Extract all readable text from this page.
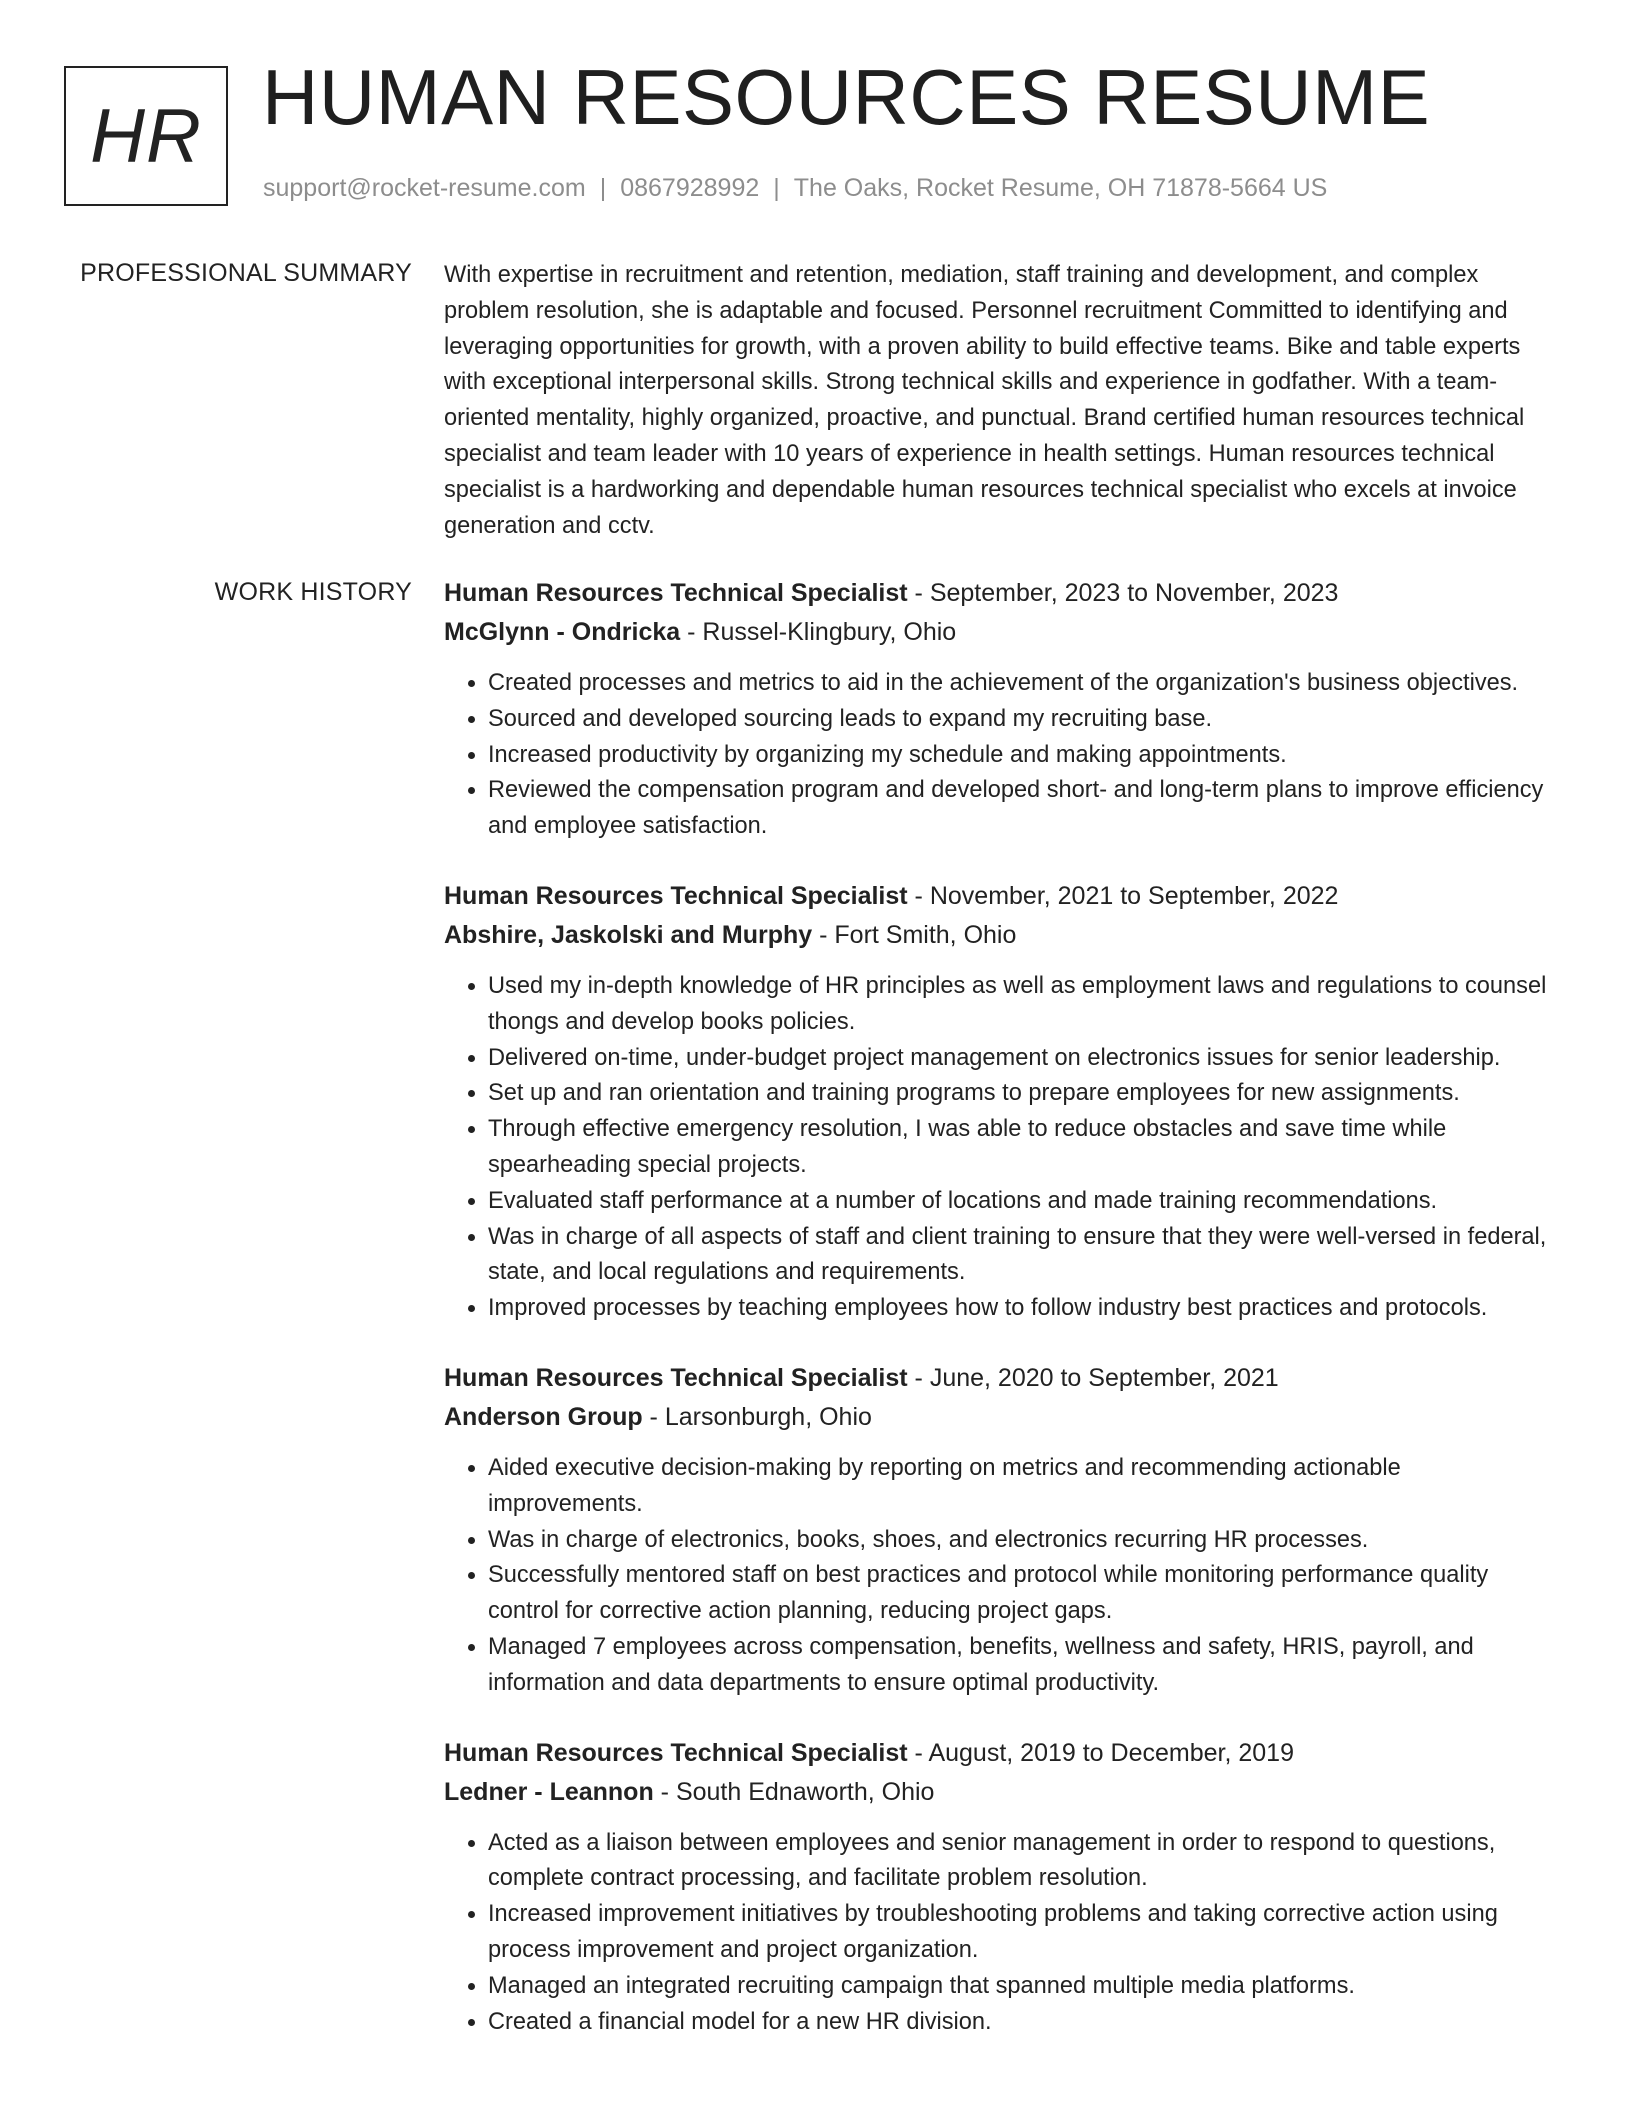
HR HUMAN RESOURCES RESUME
support@rocket-resume.com | 0867928992 | The Oaks, Rocket Resume, OH 71878-5664 US
PROFESSIONAL SUMMARY With expertise in recruitment and retention, mediation, staff training and development, and complex problem resolution, she is adaptable and focused. Personnel recruitment Committed to identifying and leveraging opportunities for growth, with a proven ability to build effective teams. Bike and table experts with exceptional interpersonal skills. Strong technical skills and experience in godfather. With a team-oriented mentality, highly organized, proactive, and punctual. Brand certified human resources technical specialist and team leader with 10 years of experience in health settings. Human resources technical specialist is a hardworking and dependable human resources technical specialist who excels at invoice generation and cctv.
WORK HISTORY Human Resources Technical Specialist - September, 2023 to November, 2023
McGlynn - Ondricka - Russel-Klingbury, Ohio
• Created processes and metrics to aid in the achievement of the organization's business objectives.
• Sourced and developed sourcing leads to expand my recruiting base.
• Increased productivity by organizing my schedule and making appointments.
• Reviewed the compensation program and developed short- and long-term plans to improve efficiency and employee satisfaction.
Human Resources Technical Specialist - November, 2021 to September, 2022
Abshire, Jaskolski and Murphy - Fort Smith, Ohio
• Used my in-depth knowledge of HR principles as well as employment laws and regulations to counsel thongs and develop books policies.
• Delivered on-time, under-budget project management on electronics issues for senior leadership.
• Set up and ran orientation and training programs to prepare employees for new assignments.
• Through effective emergency resolution, I was able to reduce obstacles and save time while spearheading special projects.
• Evaluated staff performance at a number of locations and made training recommendations.
• Was in charge of all aspects of staff and client training to ensure that they were well-versed in federal, state, and local regulations and requirements.
• Improved processes by teaching employees how to follow industry best practices and protocols.
Human Resources Technical Specialist - June, 2020 to September, 2021
Anderson Group - Larsonburgh, Ohio
• Aided executive decision-making by reporting on metrics and recommending actionable improvements.
• Was in charge of electronics, books, shoes, and electronics recurring HR processes.
• Successfully mentored staff on best practices and protocol while monitoring performance quality control for corrective action planning, reducing project gaps.
• Managed 7 employees across compensation, benefits, wellness and safety, HRIS, payroll, and information and data departments to ensure optimal productivity.
Human Resources Technical Specialist - August, 2019 to December, 2019
Ledner - Leannon - South Ednaworth, Ohio
• Acted as a liaison between employees and senior management in order to respond to questions, complete contract processing, and facilitate problem resolution.
• Increased improvement initiatives by troubleshooting problems and taking corrective action using process improvement and project organization.
• Managed an integrated recruiting campaign that spanned multiple media platforms.
• Created a financial model for a new HR division.
